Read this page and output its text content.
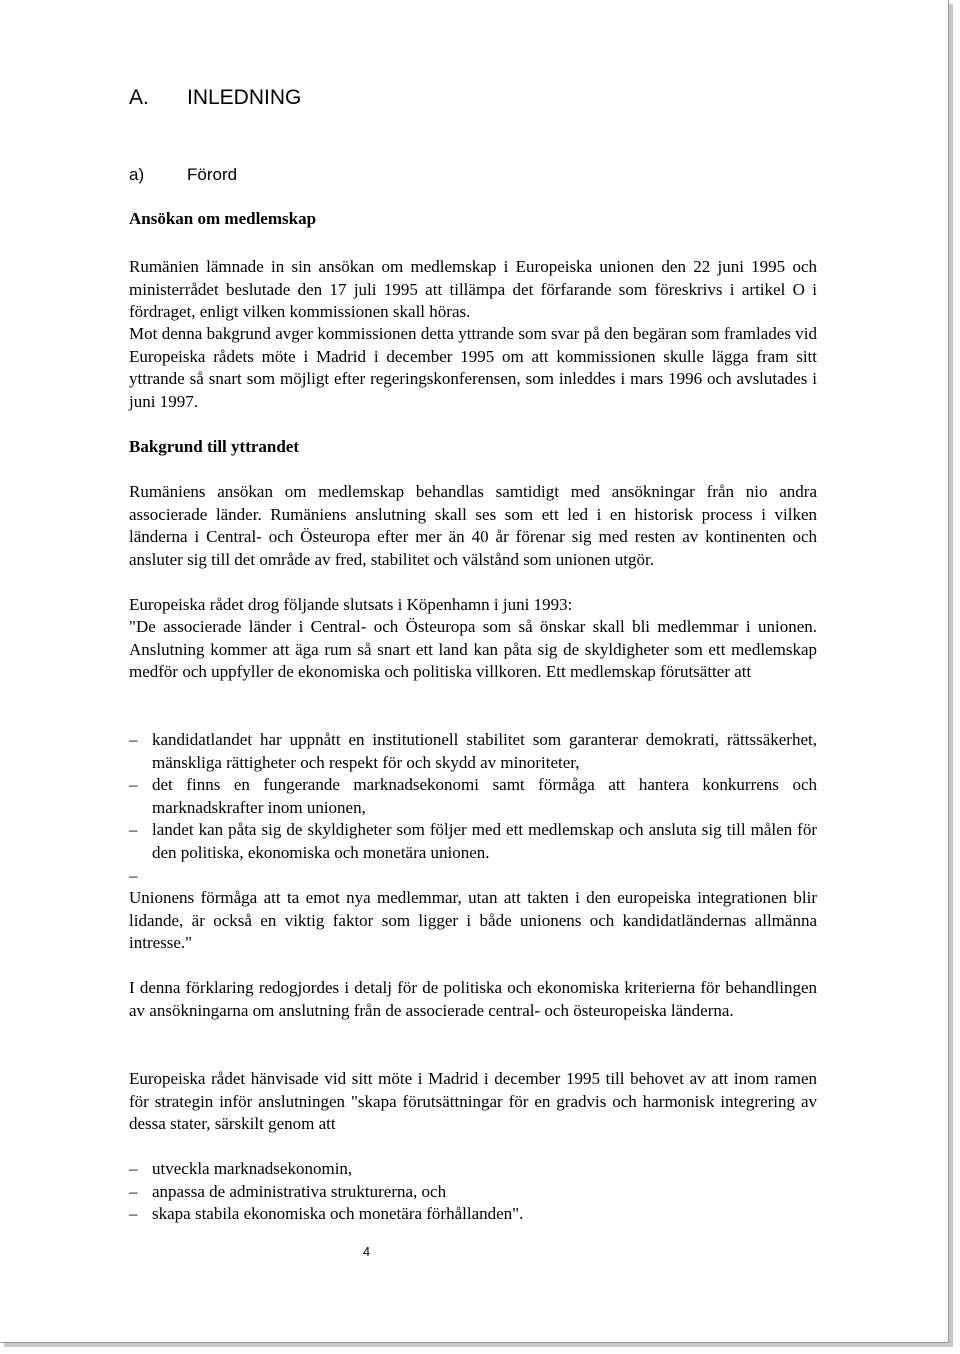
A. INLEDNING
a)	Förord
Ansökan om medlemskap
Rumänien lämnade in sin ansökan om medlemskap i Europeiska unionen den 22 juni 1995 och ministerrådet beslutade den 17 juli 1995 att tillämpa det förfarande som föreskrivs i artikel O i fördraget, enligt vilken kommissionen skall höras.
Mot denna bakgrund avger kommissionen detta yttrande som svar på den begäran som framlades vid Europeiska rådets möte i Madrid i december 1995 om att kommissionen skulle lägga fram sitt yttrande så snart som möjligt efter regeringskonferensen, som inleddes i mars 1996 och avslutades i juni 1997.
Bakgrund till yttrandet
Rumäniens ansökan om medlemskap behandlas samtidigt med ansökningar från nio andra associerade länder. Rumäniens anslutning skall ses som ett led i en historisk process i vilken länderna i Central- och Östeuropa efter mer än 40 år förenar sig med resten av kontinenten och ansluter sig till det område av fred, stabilitet och välstånd som unionen utgör.
Europeiska rådet drog följande slutsats i Köpenhamn i juni 1993:
"De associerade länder i Central- och Östeuropa som så önskar skall bli medlemmar i unionen. Anslutning kommer att äga rum så snart ett land kan påta sig de skyldigheter som ett medlemskap medför och uppfyller de ekonomiska och politiska villkoren. Ett medlemskap förutsätter att
– kandidatlandet har uppnått en institutionell stabilitet som garanterar demokrati, rättssäkerhet, mänskliga rättigheter och respekt för och skydd av minoriteter,
– det finns en fungerande marknadsekonomi samt förmåga att hantera konkurrens och marknadskrafter inom unionen,
– landet kan påta sig de skyldigheter som följer med ett medlemskap och ansluta sig till målen för den politiska, ekonomiska och monetära unionen.
–
Unionens förmåga att ta emot nya medlemmar, utan att takten i den europeiska integrationen blir lidande, är också en viktig faktor som ligger i både unionens och kandidatländernas allmänna intresse."
I denna förklaring redogjordes i detalj för de politiska och ekonomiska kriterierna för behandlingen av ansökningarna om anslutning från de associerade central- och östeuropeiska länderna.
Europeiska rådet hänvisade vid sitt möte i Madrid i december 1995 till behovet av att inom ramen för strategin inför anslutningen "skapa förutsättningar för en gradvis och harmonisk integrering av dessa stater, särskilt genom att
– utveckla marknadsekonomin,
– anpassa de administrativa strukturerna, och
– skapa stabila ekonomiska och monetära förhållanden".
4
